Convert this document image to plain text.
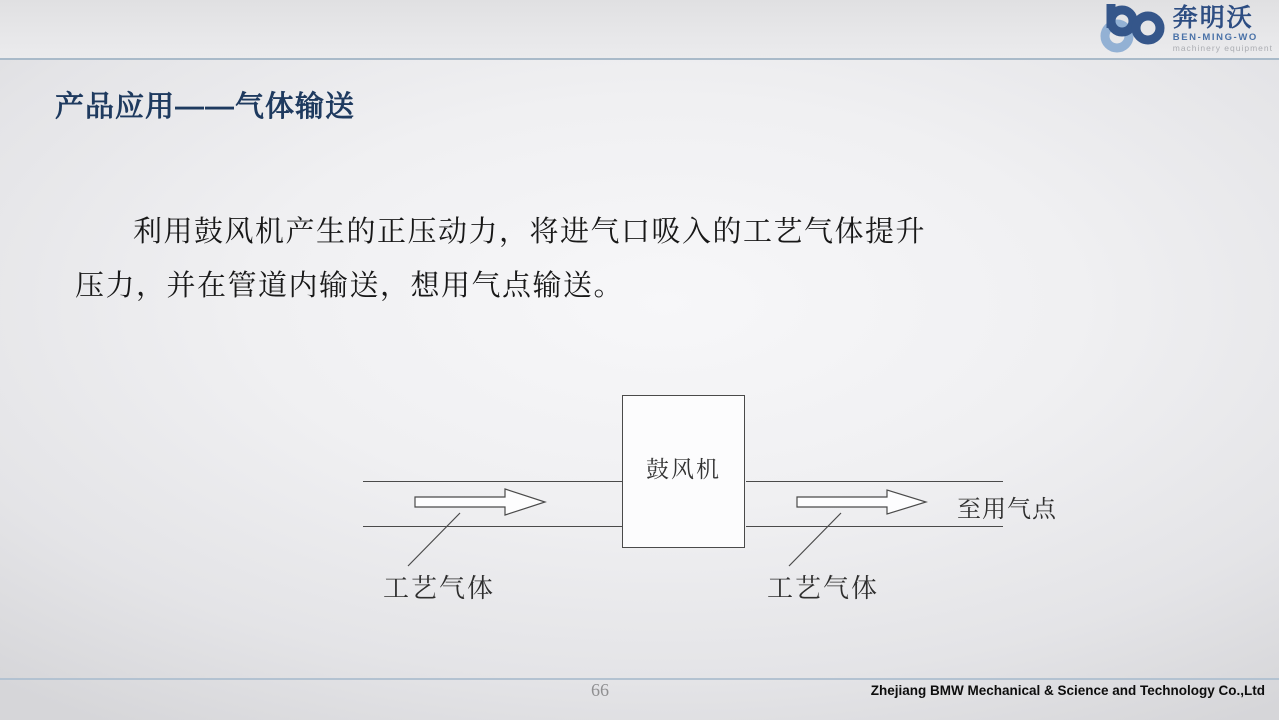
奔明沃
BEN-MING-WO
machinery equipment
产品应用——气体输送
利用鼓风机产生的正压动力，将进气口吸入的工艺气体提升
压力，并在管道内输送，想用气点输送。
鼓风机
工艺气体	工艺气体
至用气点
66	Zhejiang BMW Mechanical & Science and Technology Co.,Ltd
